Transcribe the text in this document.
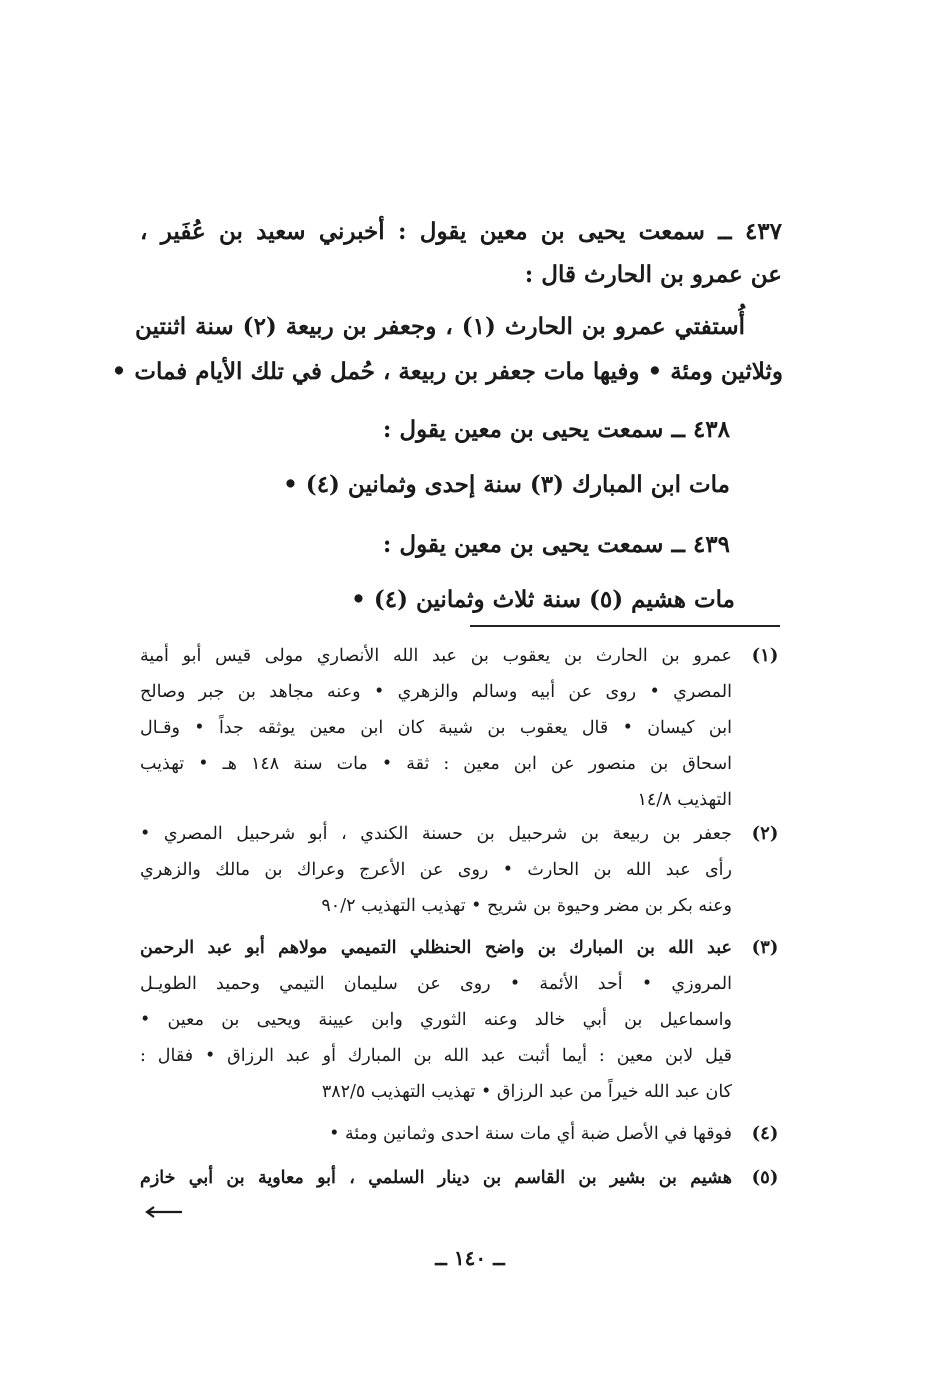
٤٣٧ ــ سمعت يحيى بن معين يقول : أخبرني سعيد بن عُفَير ،
عن عمرو بن الحارث قال :
أُستفتي عمرو بن الحارث (١) ، وجعفر بن ربيعة (٢) سنة اثنتين
وثلاثين ومئة • وفيها مات جعفر بن ربيعة ، حُمل في تلك الأيام فمات •
٤٣٨ ــ سمعت يحيى بن معين يقول :
مات ابن المبارك (٣) سنة إحدى وثمانين (٤) •
٤٣٩ ــ سمعت يحيى بن معين يقول :
مات هشيم (٥) سنة ثلاث وثمانين (٤) •
(١)
عمرو بن الحارث بن يعقوب بن عبد الله الأنصاري مولى قيس أبو أمية
المصري • روى عن أبيه وسالم والزهري • وعنه مجاهد بن جبر وصالح
ابن كيسان • قال يعقوب بن شيبة كان ابن معين يوثقه جداً • وقـال
اسحاق بن منصور عن ابن معين : ثقة • مات سنة ١٤٨ هـ • تهذيب
التهذيب ١٤/٨
(٢)
جعفر بن ربيعة بن شرحبيل بن حسنة الكندي ، أبو شرحبيل المصري •
رأى عبد الله بن الحارث • روى عن الأعرج وعراك بن مالك والزهري
وعنه بكر بن مضر وحيوة بن شريح • تهذيب التهذيب ٩٠/٢
(٣)
عبد الله بن المبارك بن واضح الحنظلي التميمي مولاهم أبو عبد الرحمن
المروزي • أحد الأئمة • روى عن سليمان التيمي وحميد الطويـل
واسماعيل بن أبي خالد وعنه الثوري وابن عيينة ويحيى بن معين •
قيل لابن معين : أيما أثبت عبد الله بن المبارك أو عبد الرزاق • فقال :
كان عبد الله خيراً من عبد الرزاق • تهذيب التهذيب ٣٨٢/٥
(٤)
فوقها في الأصل ضبة أي مات سنة احدى وثمانين ومئة •
(٥)
هشيم بن بشير بن القاسم بن دينار السلمي ، أبو معاوية بن أبي خازم
ــ ١٤٠ ــ
